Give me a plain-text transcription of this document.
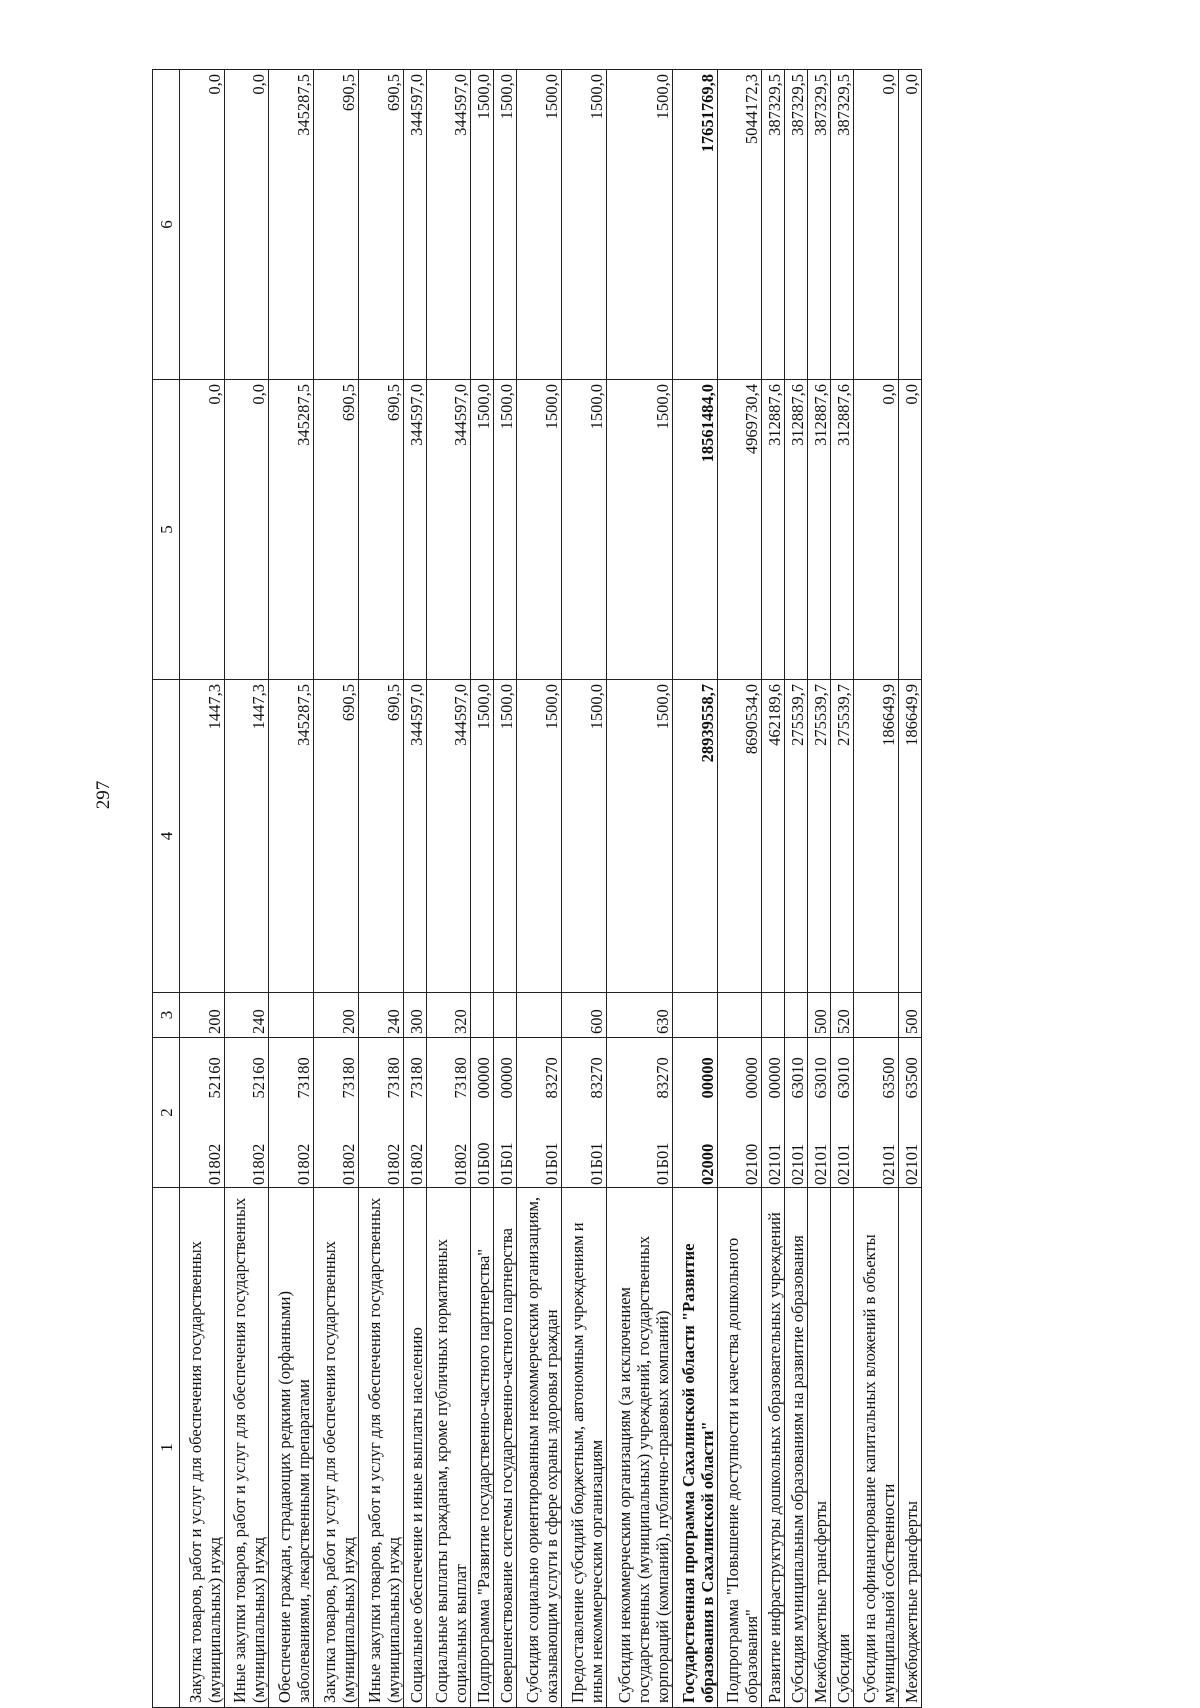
297
1	2	3	4	5	6
Закупка товаров, работ и услуг для обеспечения государственных (муниципальных) нужд	0180252160	200	1447,3	0,0	0,0
Иные закупки товаров, работ и услуг для обеспечения государственных (муниципальных) нужд	0180252160	240	1447,3	0,0	0,0
Обеспечение граждан, страдающих редкими (орфанными) заболеваниями, лекарственными препаратами	0180273180		345287,5	345287,5	345287,5
Закупка товаров, работ и услуг для обеспечения государственных (муниципальных) нужд	0180273180	200	690,5	690,5	690,5
Иные закупки товаров, работ и услуг для обеспечения государственных (муниципальных) нужд	0180273180	240	690,5	690,5	690,5
Социальное обеспечение и иные выплаты населению	0180273180	300	344597,0	344597,0	344597,0
Социальные выплаты гражданам, кроме публичных нормативных социальных выплат	0180273180	320	344597,0	344597,0	344597,0
Подпрограмма "Развитие государственно-частного партнерства"	01Б0000000		1500,0	1500,0	1500,0
Совершенствование системы государственно-частного партнерства	01Б0100000		1500,0	1500,0	1500,0
Субсидия социально ориентированным некоммерческим организациям, оказывающим услуги в сфере охраны здоровья граждан	01Б0183270		1500,0	1500,0	1500,0
Предоставление субсидий бюджетным, автономным учреждениям и иным некоммерческим организациям	01Б0183270	600	1500,0	1500,0	1500,0
Субсидии некоммерческим организациям (за исключением государственных (муниципальных) учреждений, государственных корпораций (компаний), публично-правовых компаний)	01Б0183270	630	1500,0	1500,0	1500,0
Государственная программа Сахалинской области "Развитие образования в Сахалинской области"	0200000000		28939558,7	18561484,0	17651769,8
Подпрограмма "Повышение доступности и качества дошкольного образования"	0210000000		8690534,0	4969730,4	5044172,3
Развитие инфраструктуры дошкольных образовательных учреждений	0210100000		462189,6	312887,6	387329,5
Субсидия муниципальным образованиям на развитие образования	0210163010		275539,7	312887,6	387329,5
Межбюджетные трансферты	0210163010	500	275539,7	312887,6	387329,5
Субсидии	0210163010	520	275539,7	312887,6	387329,5
Субсидии на софинансирование капитальных вложений в объекты муниципальной собственности	0210163500		186649,9	0,0	0,0
Межбюджетные трансферты	0210163500	500	186649,9	0,0	0,0
